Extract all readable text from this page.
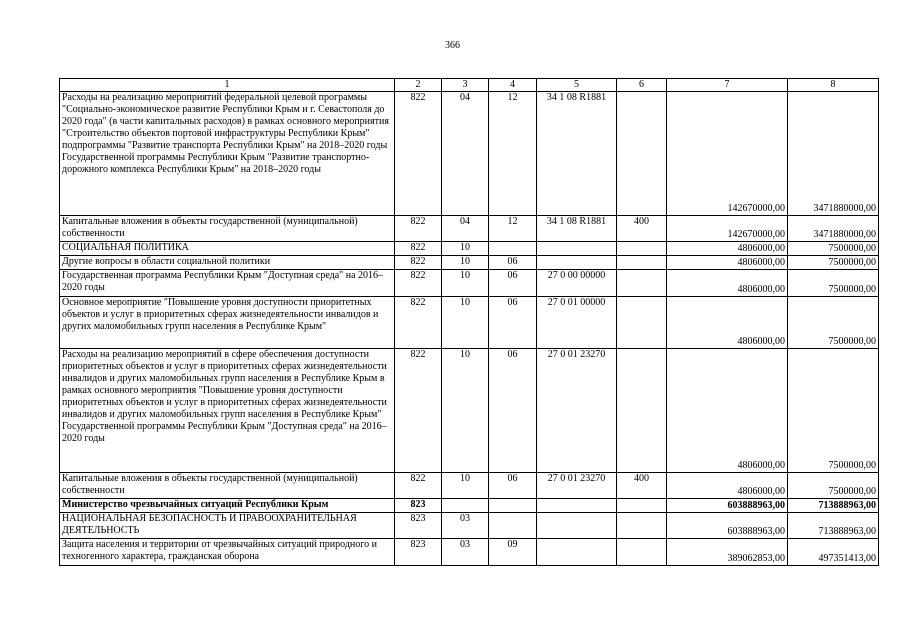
366
1	2	3	4	5	6	7	8
Расходы на реализацию мероприятий федеральной целевой программы "Социально-экономическое развитие Республики Крым и г. Севастополя до 2020 года" (в части капитальных расходов) в рамках основного мероприятия "Строительство объектов портовой инфраструктуры Республики Крым" подпрограммы "Развитие транспорта Республики Крым" на 2018–2020 годы Государственной программы Республики Крым "Развитие транспортно-дорожного комплекса Республики Крым" на 2018–2020 годы	822	04	12	34 1 08 R1881		142670000,00	3471880000,00
Капитальные вложения в объекты государственной (муниципальной) собственности	822	04	12	34 1 08 R1881	400	142670000,00	3471880000,00
СОЦИАЛЬНАЯ ПОЛИТИКА	822	10				4806000,00	7500000,00
Другие вопросы в области социальной политики	822	10	06			4806000,00	7500000,00
Государственная программа Республики Крым "Доступная среда" на 2016–2020 годы	822	10	06	27 0 00 00000		4806000,00	7500000,00
Основное мероприятие "Повышение уровня доступности приоритетных объектов и услуг в приоритетных сферах жизнедеятельности инвалидов и других маломобильных групп населения в Республике Крым"	822	10	06	27 0 01 00000		4806000,00	7500000,00
Расходы на реализацию мероприятий в сфере обеспечения доступности приоритетных объектов и услуг в приоритетных сферах жизнедеятельности инвалидов и других маломобильных групп населения в Республике Крым в рамках основного мероприятия "Повышение уровня доступности приоритетных объектов и услуг в приоритетных сферах жизнедеятельности инвалидов и других маломобильных групп населения в Республике Крым" Государственной программы Республики Крым "Доступная среда" на 2016–2020 годы	822	10	06	27 0 01 23270		4806000,00	7500000,00
Капитальные вложения в объекты государственной (муниципальной) собственности	822	10	06	27 0 01 23270	400	4806000,00	7500000,00
Министерство чрезвычайных ситуаций Республики Крым	823					603888963,00	713888963,00
НАЦИОНАЛЬНАЯ БЕЗОПАСНОСТЬ И ПРАВООХРАНИТЕЛЬНАЯ ДЕЯТЕЛЬНОСТЬ	823	03				603888963,00	713888963,00
Защита населения и территории от чрезвычайных ситуаций природного и техногенного характера, гражданская оборона	823	03	09			389062853,00	497351413,00
